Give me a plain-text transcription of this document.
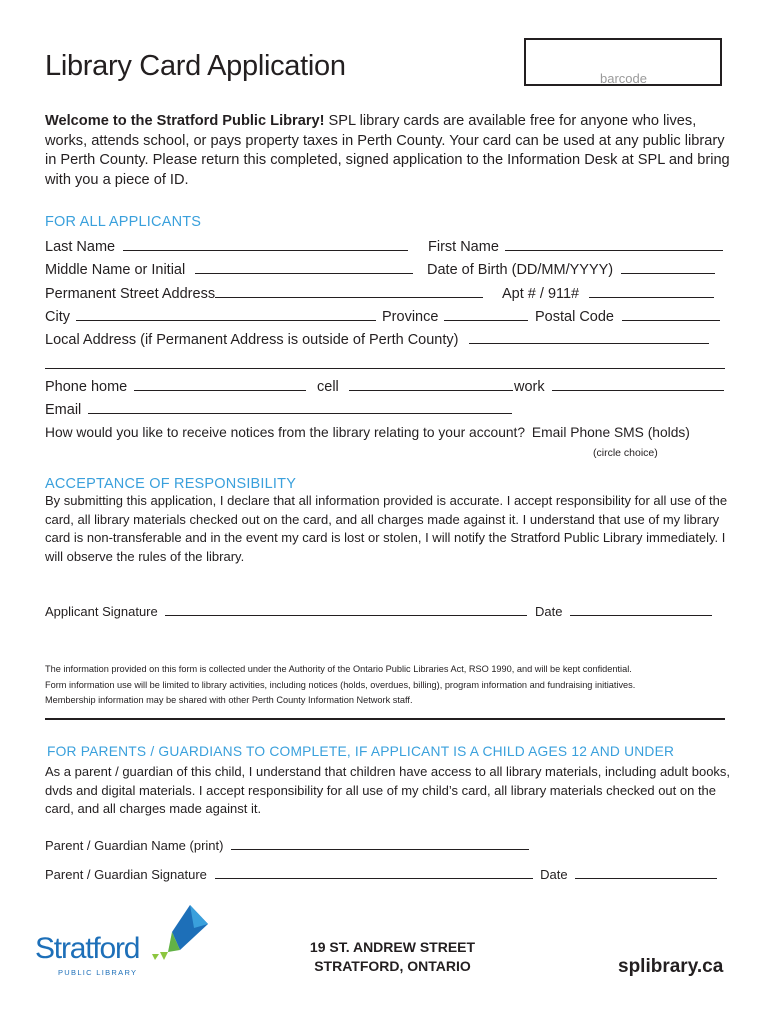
Library Card Application	barcode
Welcome to the Stratford Public Library! SPL library cards are available free for anyone who lives, works, attends school, or pays property taxes in Perth County. Your card can be used at any public library in Perth County. Please return this completed, signed application to the Information Desk at SPL and bring with you a piece of ID.
FOR ALL APPLICANTS
Last Name	First Name
Middle Name or Initial	Date of Birth (DD/MM/YYYY)
Permanent Street Address	Apt # / 911#
City	Province	Postal Code
Local Address (if Permanent Address is outside of Perth County)
Phone home	cell	work
Email
How would you like to receive notices from the library relating to your account? Email Phone SMS (holds)
(circle choice)
ACCEPTANCE OF RESPONSIBILITY
By submitting this application, I declare that all information provided is accurate. I accept responsibility for all use of the card, all library materials checked out on the card, and all charges made against it. I understand that use of my library card is non-transferable and in the event my card is lost or stolen, I will notify the Stratford Public Library immediately. I will observe the rules of the library.
Applicant Signature	Date
The information provided on this form is collected under the Authority of the Ontario Public Libraries Act, RSO 1990, and will be kept confidential.
Form information use will be limited to library activities, including notices (holds, overdues, billing), program information and fundraising initiatives.
Membership information may be shared with other Perth County Information Network staff.
FOR PARENTS / GUARDIANS TO COMPLETE, IF APPLICANT IS A CHILD AGES 12 AND UNDER
As a parent / guardian of this child, I understand that children have access to all library materials, including adult books, dvds and digital materials. I accept responsibility for all use of my child’s card, all library materials checked out on the card, and all charges made against it.
Parent / Guardian Name (print)
Parent / Guardian Signature	Date
Stratford
PUBLIC LIBRARY
19 ST. ANDREW STREET
STRATFORD, ONTARIO	splibrary.ca
